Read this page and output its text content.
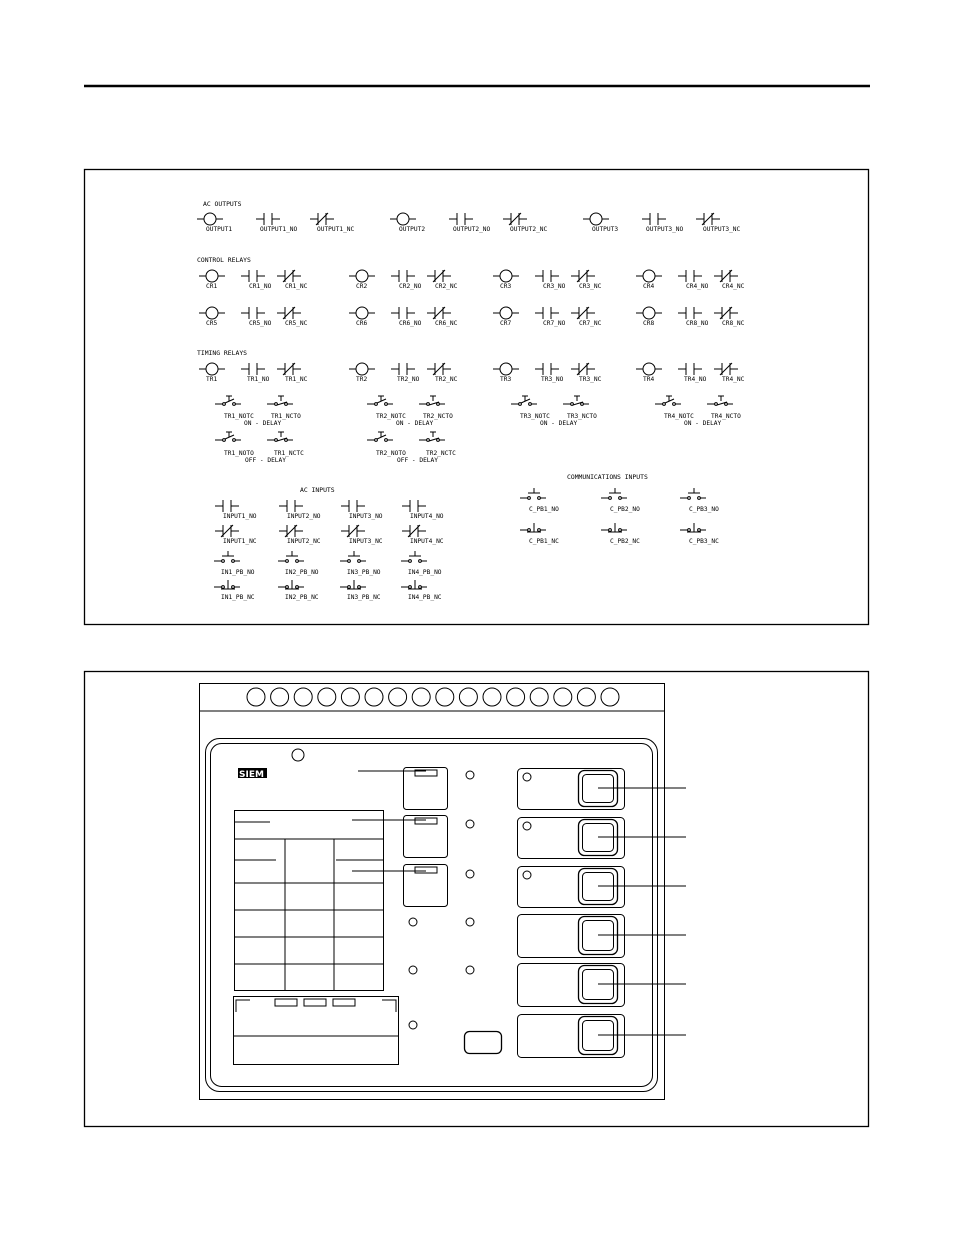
AC OUTPUTS
OUTPUT1	OUTPUT1_NO	OUTPUT1_NC	OUTPUT2	OUTPUT2_NO	OUTPUT2_NC	OUTPUT3	OUTPUT3_NO	OUTPUT3_NC
CONTROL RELAYS
CR1	CR1_NO CR1_NC	CR2	CR2_NO CR2_NC	CR3	CR3_NO CR3_NC	CR4	CR4_NO CR4_NC
CR5	CR5_NO CR5_NC	CR6	CR6_NO CR6_NC	CR7	CR7_NO CR7_NC	CR8	CR8_NO CR8_NC
TIMING RELAYS
TR1	TR1_NO	TR1_NC	TR2	TR2_NO	TR2_NC	TR3	TR3_NO	TR3_NC	TR4	TR4_NO	TR4_NC
TR1_NOTC	TR1_NCTO
ON - DELAY
TR2_NOTC	TR2_NCTO
ON - DELAY
TR3_NOTC	TR3_NCTO
ON - DELAY
TR4_NOTC	TR4_NCTO
ON - DELAY
TR1_NOTO	TR1_NCTC
OFF - DELAY
TR2_NOTO	TR2_NCTC
OFF - DELAY
AC INPUTS
INPUT1_NO
INPUT1_NC
IN1_PB_NO
IN1_PB_NC
INPUT2_NO
INPUT2_NC
IN2_PB_NO
IN2_PB_NC
INPUT3_NO
INPUT3_NC
IN3_PB_NO
IN3_PB_NC
INPUT4_NO
INPUT4_NC
IN4_PB_NO
IN4_PB_NC
COMMUNICATIONS INPUTS
C_PB1_NO
C_PB1_NC
C_PB2_NO
C_PB2_NC
C_PB3_NO
C_PB3_NC
SIEM
